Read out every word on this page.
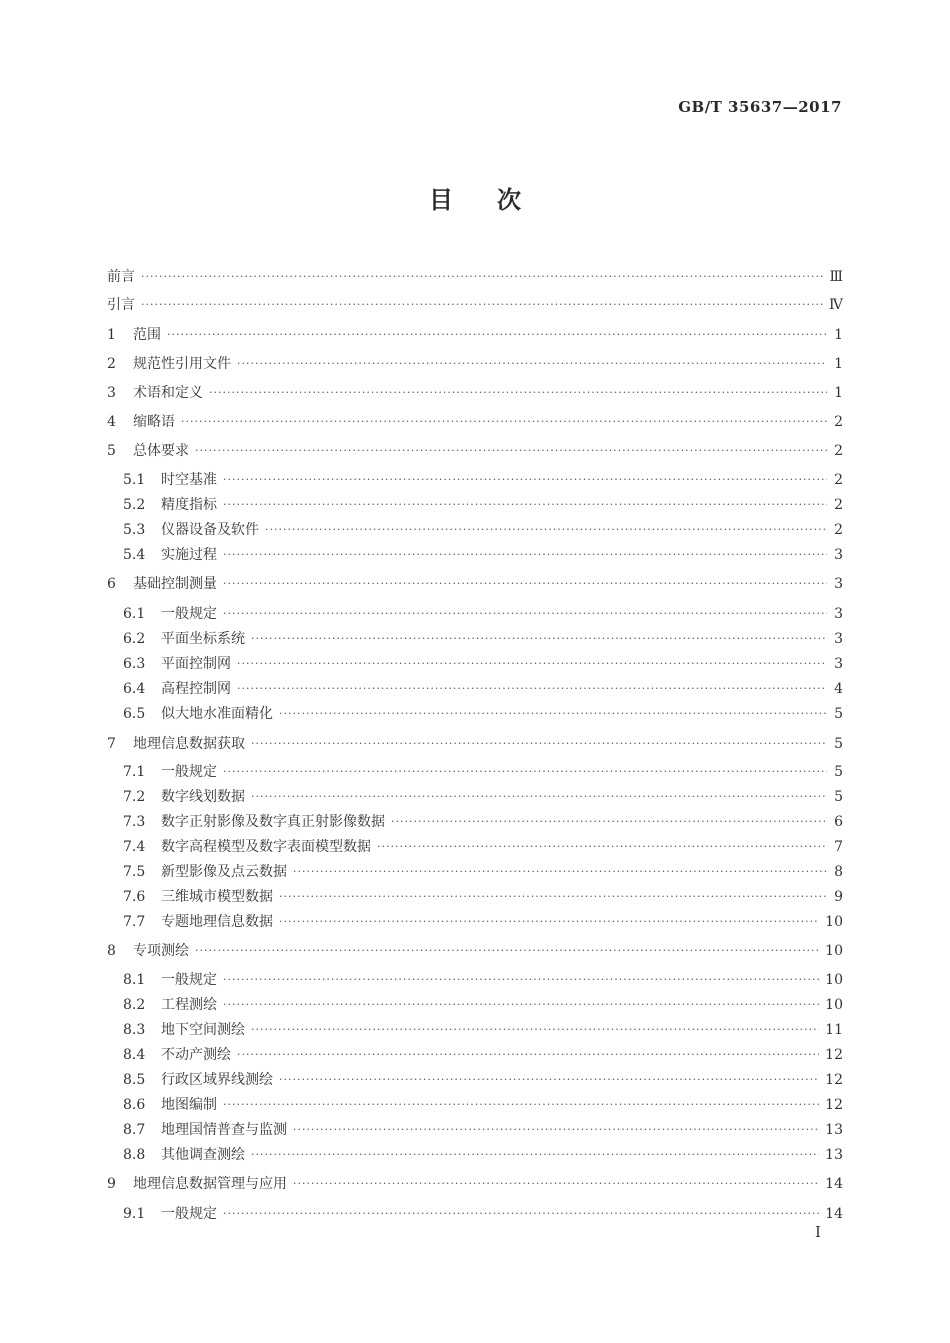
GB/T 35637—2017
目次
前言 ·····	Ⅲ
引言 ·····	Ⅳ
1	范围 ·····	1
2	规范性引用文件 ·····	1
3	术语和定义 ·····	1
4	缩略语 ·····	2
5	总体要求 ·····	2
5.1	时空基准 ·····	2
5.2	精度指标 ·····	2
5.3	仪器设备及软件 ·····	2
5.4	实施过程 ·····	3
6	基础控制测量 ·····	3
6.1	一般规定 ·····	3
6.2	平面坐标系统 ·····	3
6.3	平面控制网 ·····	3
6.4	高程控制网 ·····	4
6.5	似大地水准面精化 ·····	5
7	地理信息数据获取 ·····	5
7.1	一般规定 ·····	5
7.2	数字线划数据 ·····	5
7.3	数字正射影像及数字真正射影像数据 ·····	6
7.4	数字高程模型及数字表面模型数据 ·····	7
7.5	新型影像及点云数据 ·····	8
7.6	三维城市模型数据 ·····	9
7.7	专题地理信息数据 ·····	10
8	专项测绘 ·····	10
8.1	一般规定 ·····	10
8.2	工程测绘 ·····	10
8.3	地下空间测绘 ·····	11
8.4	不动产测绘 ·····	12
8.5	行政区域界线测绘 ·····	12
8.6	地图编制 ·····	12
8.7	地理国情普查与监测 ·····	13
8.8	其他调查测绘 ·····	13
9	地理信息数据管理与应用 ·····	14
9.1	一般规定 ·····	14
I
